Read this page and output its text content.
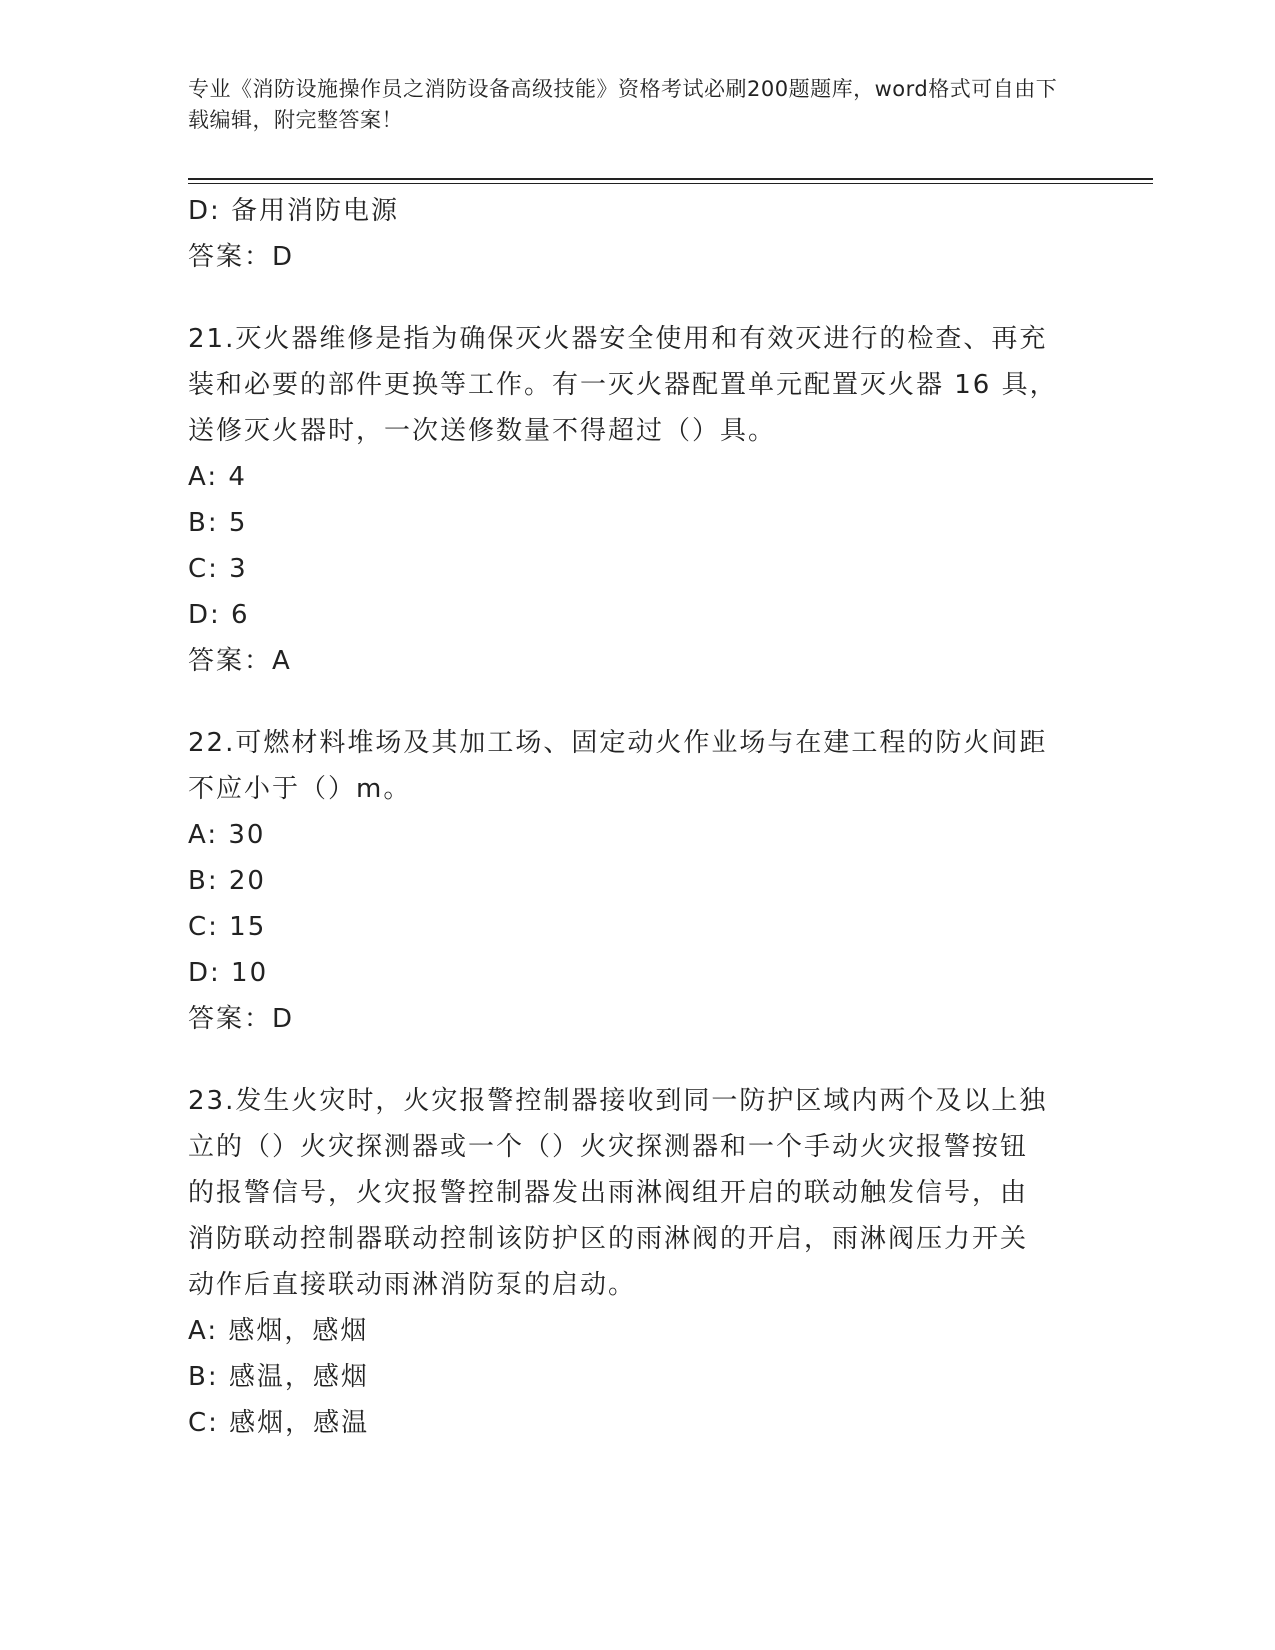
专业《消防设施操作员之消防设备高级技能》资格考试必刷200题题库，word格式可自由下载编辑，附完整答案！
D: 备用消防电源
答案：D
21.灭火器维修是指为确保灭火器安全使用和有效灭进行的检查、再充
装和必要的部件更换等工作。有一灭火器配置单元配置灭火器 16 具，
送修灭火器时，一次送修数量不得超过（）具。
A: 4
B: 5
C: 3
D: 6
答案：A
22.可燃材料堆场及其加工场、固定动火作业场与在建工程的防火间距
不应小于（）m。
A: 30
B: 20
C: 15
D: 10
答案：D
23.发生火灾时，火灾报警控制器接收到同一防护区域内两个及以上独
立的（）火灾探测器或一个（）火灾探测器和一个手动火灾报警按钮
的报警信号，火灾报警控制器发出雨淋阀组开启的联动触发信号，由
消防联动控制器联动控制该防护区的雨淋阀的开启，雨淋阀压力开关
动作后直接联动雨淋消防泵的启动。
A: 感烟，感烟
B: 感温，感烟
C: 感烟，感温
